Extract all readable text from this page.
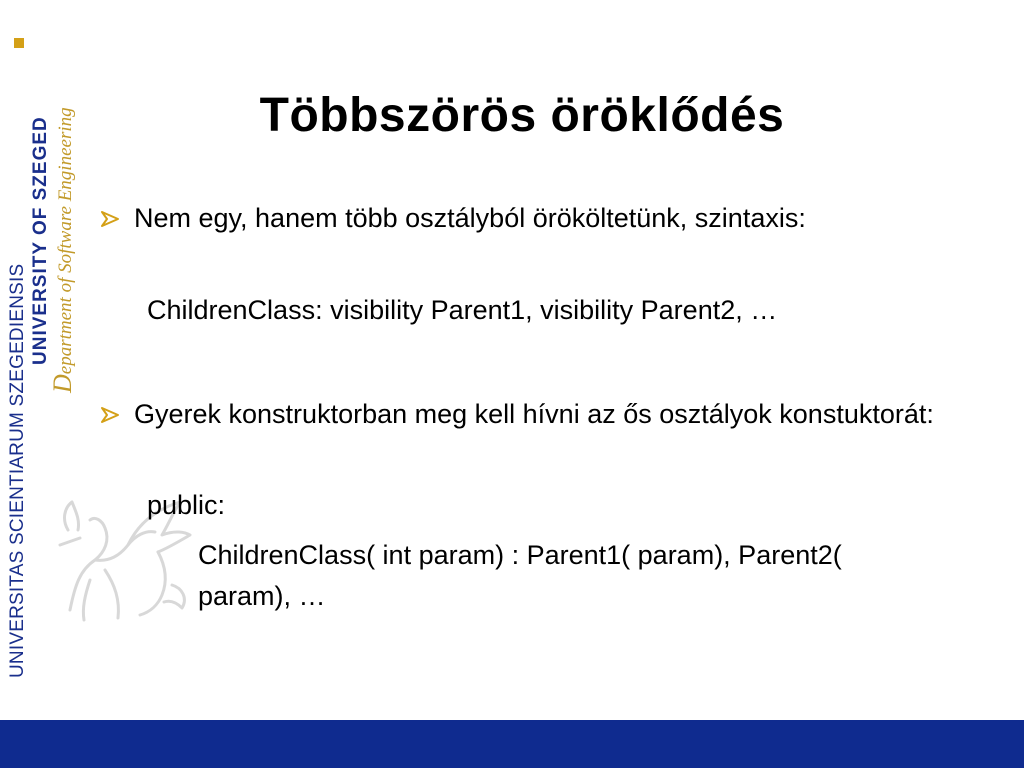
UNIVERSITAS SCIENTIARUM SZEGEDIENSIS
UNIVERSITY OF SZEGED
Department of Software Engineering	Többszörös öröklődés
Nem egy, hanem több osztályból örököltetünk, szintaxis:
ChildrenClass: visibility Parent1, visibility Parent2, …
Gyerek konstruktorban meg kell hívni az ős osztályok konstuktorát:
public:
ChildrenClass( int param) : Parent1( param), Parent2( param), …
